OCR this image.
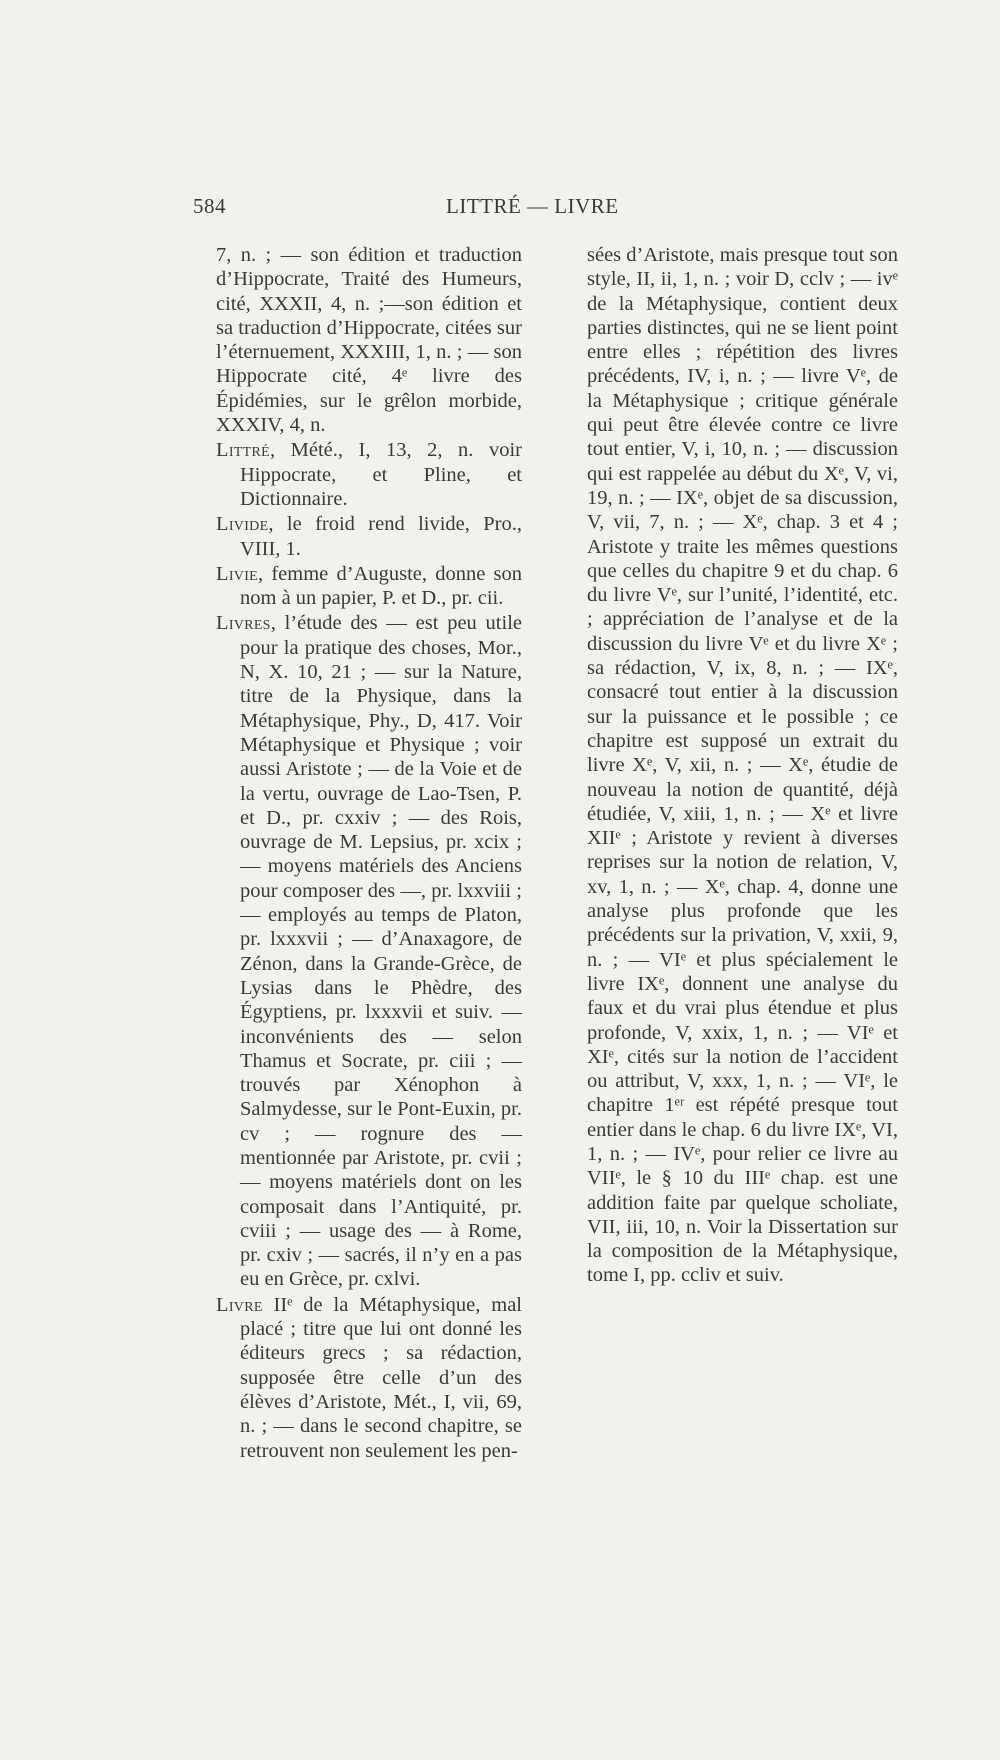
584	LITTRÉ — LIVRE

7, n. ; — son édition et traduction d’Hippocrate, Traité des Humeurs, cité, XXXII, 4, n. ;—son édition et sa traduction d’Hippocrate, citées sur l’éternuement, XXXIII, 1, n. ; — son Hippocrate cité, 4ᵉ livre des Épidémies, sur le grêlon morbide, XXXIV, 4, n.

Littré, Mété., I, 13, 2, n. voir Hippocrate, et Pline, et Dictionnaire.

Livide, le froid rend livide, Pro., VIII, 1.

Livie, femme d’Auguste, donne son nom à un papier, P. et D., pr. cii.

Livres, l’étude des — est peu utile pour la pratique des choses, Mor., N, X. 10, 21 ; — sur la Nature, titre de la Physique, dans la Métaphysique, Phy., D, 417. Voir Métaphysique et Physique ; voir aussi Aristote ; — de la Voie et de la vertu, ouvrage de Lao-Tsen, P. et D., pr. cxxiv ; — des Rois, ouvrage de M. Lepsius, pr. xcix ; — moyens matériels des Anciens pour composer des —, pr. lxxviii ; — employés au temps de Platon, pr. lxxxvii ; — d’Anaxagore, de Zénon, dans la Grande-Grèce, de Lysias dans le Phèdre, des Égyptiens, pr. lxxxvii et suiv. — inconvénients des — selon Thamus et Socrate, pr. ciii ; — trouvés par Xénophon à Salmydesse, sur le Pont-Euxin, pr. cv ; — rognure des — mentionnée par Aristote, pr. cvii ; — moyens matériels dont on les composait dans l’Antiquité, pr. cviii ; — usage des — à Rome, pr. cxiv ; — sacrés, il n’y en a pas eu en Grèce, pr. cxlvi.

Livre IIᵉ de la Métaphysique, mal placé ; titre que lui ont donné les éditeurs grecs ; sa rédaction, supposée être celle d’un des élèves d’Aristote, Mét., I, vii, 69, n. ; — dans le second chapitre, se retrouvent non seulement les pen-

sées d’Aristote, mais presque tout son style, II, ii, 1, n. ; voir D, cclv ; — ivᵉ de la Métaphysique, contient deux parties distinctes, qui ne se lient point entre elles ; répétition des livres précédents, IV, i, n. ; — livre Vᵉ, de la Métaphysique ; critique générale qui peut être élevée contre ce livre tout entier, V, i, 10, n. ; — discussion qui est rappelée au début du Xᵉ, V, vi, 19, n. ; — IXᵉ, objet de sa discussion, V, vii, 7, n. ; — Xᵉ, chap. 3 et 4 ; Aristote y traite les mêmes questions que celles du chapitre 9 et du chap. 6 du livre Vᵉ, sur l’unité, l’identité, etc. ; appréciation de l’analyse et de la discussion du livre Vᵉ et du livre Xᵉ ; sa rédaction, V, ix, 8, n. ; — IXᵉ, consacré tout entier à la discussion sur la puissance et le possible ; ce chapitre est supposé un extrait du livre Xᵉ, V, xii, n. ; — Xᵉ, étudie de nouveau la notion de quantité, déjà étudiée, V, xiii, 1, n. ; — Xᵉ et livre XIIᵉ ; Aristote y revient à diverses reprises sur la notion de relation, V, xv, 1, n. ; — Xᵉ, chap. 4, donne une analyse plus profonde que les précédents sur la privation, V, xxii, 9, n. ; — VIᵉ et plus spécialement le livre IXᵉ, donnent une analyse du faux et du vrai plus étendue et plus profonde, V, xxix, 1, n. ; — VIᵉ et XIᵉ, cités sur la notion de l’accident ou attribut, V, xxx, 1, n. ; — VIᵉ, le chapitre 1ᵉʳ est répété presque tout entier dans le chap. 6 du livre IXᵉ, VI, 1, n. ; — IVᵉ, pour relier ce livre au VIIᵉ, le § 10 du IIIᵉ chap. est une addition faite par quelque scholiate, VII, iii, 10, n. Voir la Dissertation sur la composition de la Métaphysique, tome I, pp. ccliv et suiv.
